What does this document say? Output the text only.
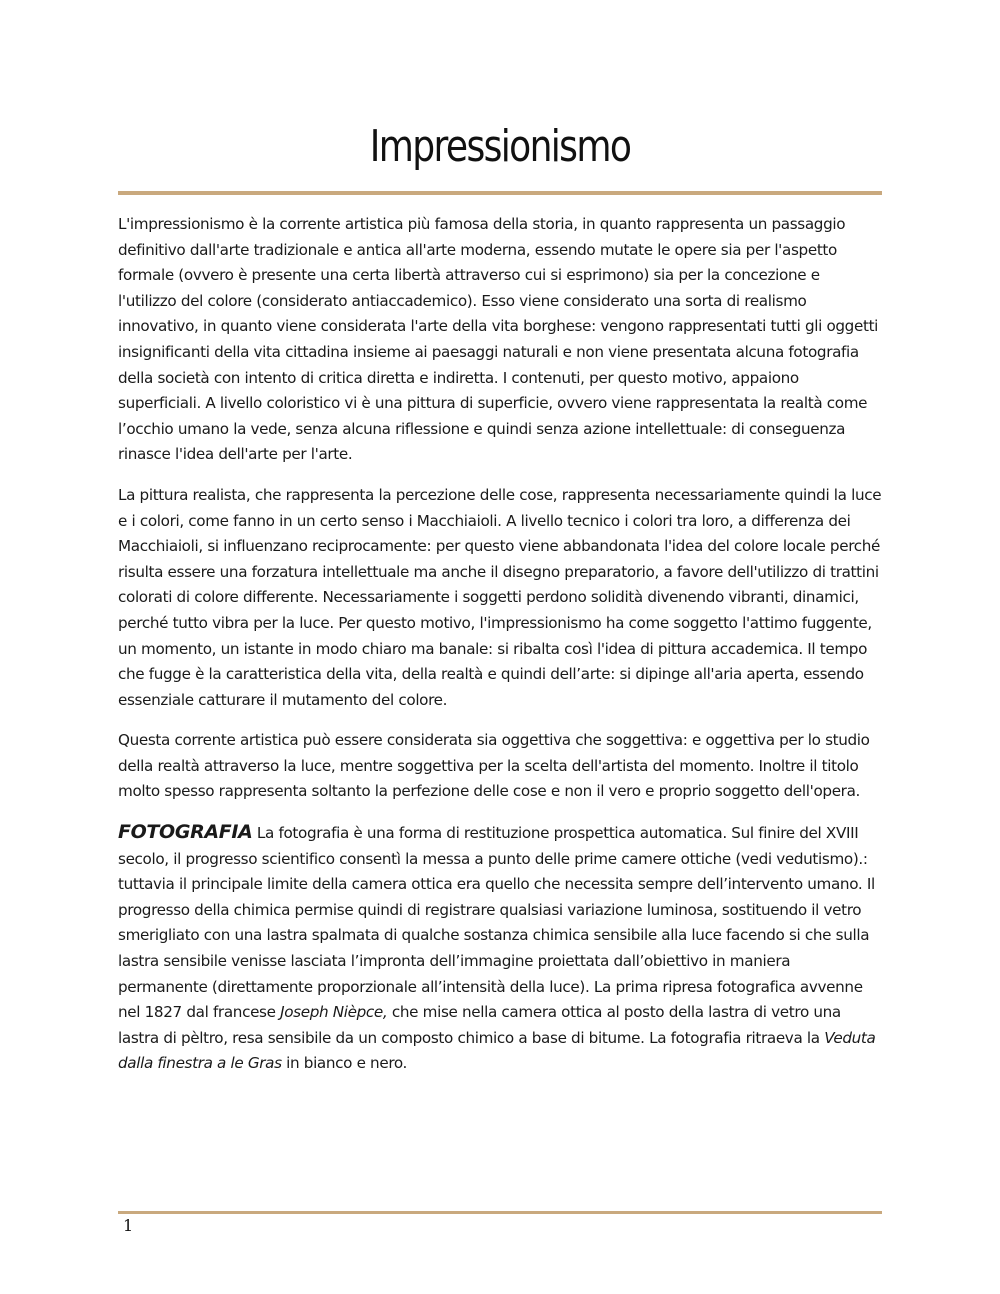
Impressionismo

L'impressionismo è la corrente artistica più famosa della storia, in quanto rappresenta un passaggio definitivo dall'arte tradizionale e antica all'arte moderna, essendo mutate le opere sia per l'aspetto formale (ovvero è presente una certa libertà attraverso cui si esprimono) sia per la concezione e l'utilizzo del colore (considerato antiaccademico). Esso viene considerato una sorta di realismo innovativo, in quanto viene considerata l'arte della vita borghese: vengono rappresentati tutti gli oggetti insignificanti della vita cittadina insieme ai paesaggi naturali e non viene presentata alcuna fotografia della società con intento di critica diretta e indiretta. I contenuti, per questo motivo, appaiono superficiali. A livello coloristico vi è una pittura di superficie, ovvero viene rappresentata la realtà come l’occhio umano la vede, senza alcuna riflessione e quindi senza azione intellettuale: di conseguenza rinasce l'idea dell'arte per l'arte.

La pittura realista, che rappresenta la percezione delle cose, rappresenta necessariamente quindi la luce e i colori, come fanno in un certo senso i Macchiaioli. A livello tecnico i colori tra loro, a differenza dei Macchiaioli, si influenzano reciprocamente: per questo viene abbandonata l'idea del colore locale perché risulta essere una forzatura intellettuale ma anche il disegno preparatorio, a favore dell'utilizzo di trattini colorati di colore differente. Necessariamente i soggetti perdono solidità divenendo vibranti, dinamici, perché tutto vibra per la luce. Per questo motivo, l'impressionismo ha come soggetto l'attimo fuggente, un momento, un istante in modo chiaro ma banale: si ribalta così l'idea di pittura accademica. Il tempo che fugge è la caratteristica della vita, della realtà e quindi dell’arte: si dipinge all'aria aperta, essendo essenziale catturare il mutamento del colore.

Questa corrente artistica può essere considerata sia oggettiva che soggettiva: e oggettiva per lo studio della realtà attraverso la luce, mentre soggettiva per la scelta dell'artista del momento. Inoltre il titolo molto spesso rappresenta soltanto la perfezione delle cose e non il vero e proprio soggetto dell'opera.

FOTOGRAFIA La fotografia è una forma di restituzione prospettica automatica. Sul finire del XVIII secolo, il progresso scientifico consentì la messa a punto delle prime camere ottiche (vedi vedutismo).: tuttavia il principale limite della camera ottica era quello che necessita sempre dell’intervento umano. Il progresso della chimica permise quindi di registrare qualsiasi variazione luminosa, sostituendo il vetro smerigliato con una lastra spalmata di qualche sostanza chimica sensibile alla luce facendo si che sulla lastra sensibile venisse lasciata l’impronta dell’immagine proiettata dall’obiettivo in maniera permanente (direttamente proporzionale all’intensità della luce). La prima ripresa fotografica avvenne nel 1827 dal francese Joseph Nièpce, che mise nella camera ottica al posto della lastra di vetro una lastra di pèltro, resa sensibile da un composto chimico a base di bitume. La fotografia ritraeva la Veduta dalla finestra a le Gras in bianco e nero.

1
